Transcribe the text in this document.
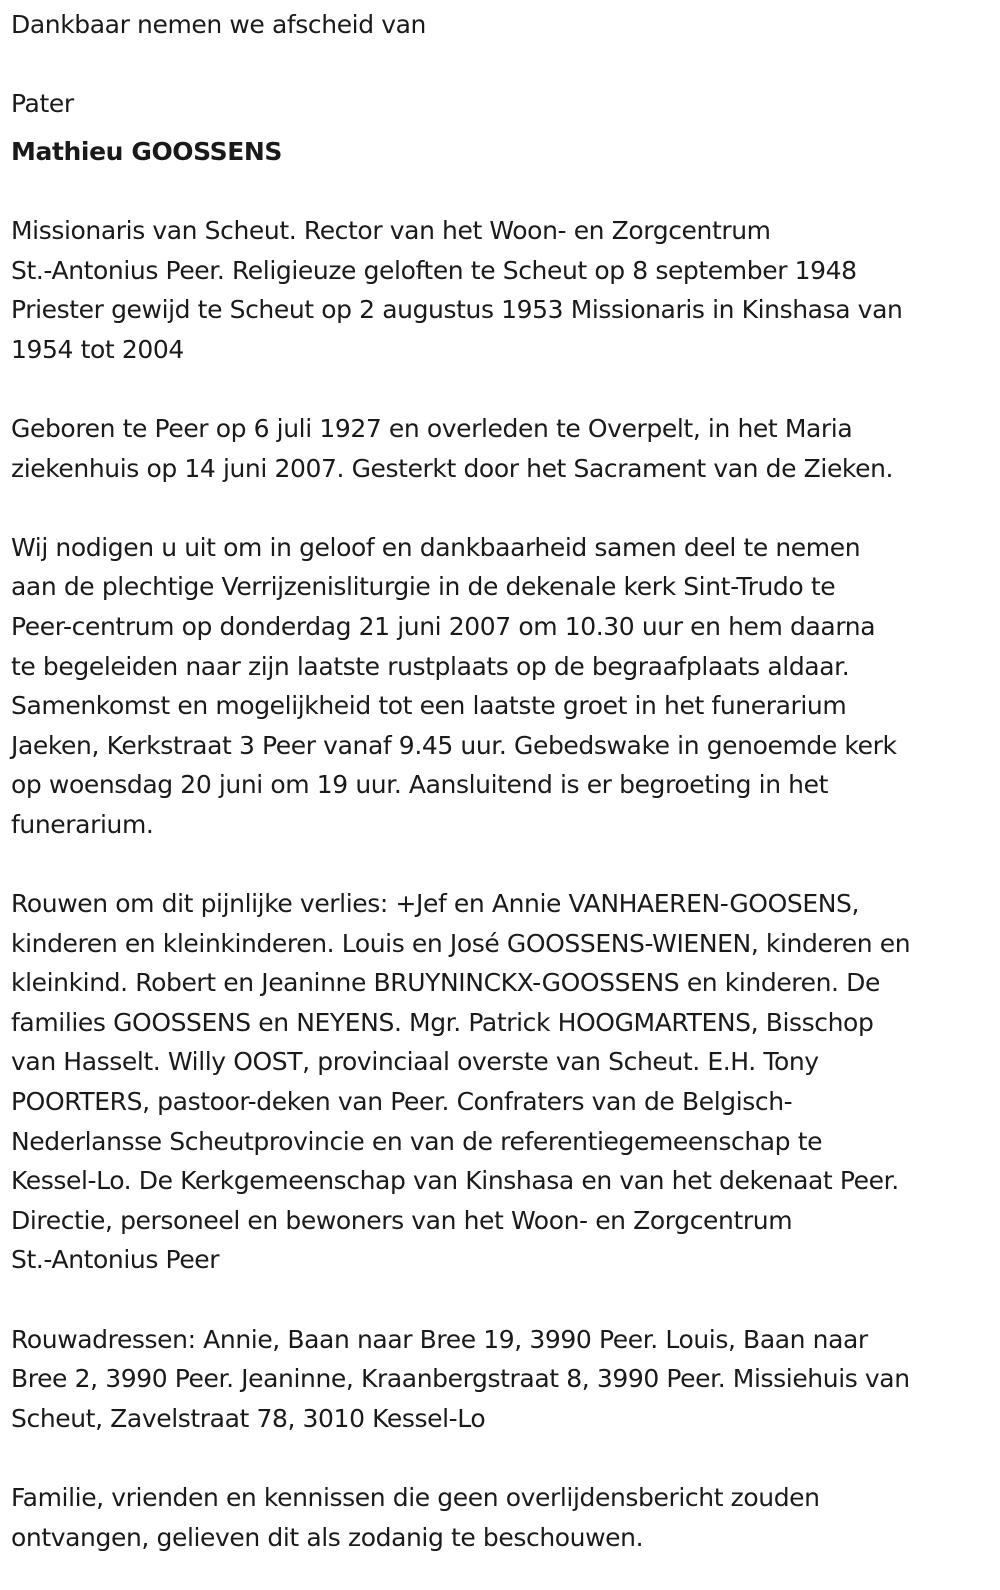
Dankbaar nemen we afscheid van

Pater

Mathieu GOOSSENS

Missionaris van Scheut. Rector van het Woon- en Zorgcentrum

St.-Antonius Peer. Religieuze geloften te Scheut op 8 september 1948

Priester gewijd te Scheut op 2 augustus 1953 Missionaris in Kinshasa van

1954 tot 2004

Geboren te Peer op 6 juli 1927 en overleden te Overpelt, in het Maria

ziekenhuis op 14 juni 2007. Gesterkt door het Sacrament van de Zieken.

Wij nodigen u uit om in geloof en dankbaarheid samen deel te nemen

aan de plechtige Verrijzenisliturgie in de dekenale kerk Sint-Trudo te

Peer-centrum op donderdag 21 juni 2007 om 10.30 uur en hem daarna

te begeleiden naar zijn laatste rustplaats op de begraafplaats aldaar.

Samenkomst en mogelijkheid tot een laatste groet in het funerarium

Jaeken, Kerkstraat 3 Peer vanaf 9.45 uur. Gebedswake in genoemde kerk

op woensdag 20 juni om 19 uur. Aansluitend is er begroeting in het

funerarium.

Rouwen om dit pijnlijke verlies: +Jef en Annie VANHAEREN-GOOSENS,

kinderen en kleinkinderen. Louis en José GOOSSENS-WIENEN, kinderen en

kleinkind. Robert en Jeaninne BRUYNINCKX-GOOSSENS en kinderen. De

families GOOSSENS en NEYENS. Mgr. Patrick HOOGMARTENS, Bisschop

van Hasselt. Willy OOST, provinciaal overste van Scheut. E.H. Tony

POORTERS, pastoor-deken van Peer. Confraters van de Belgisch-

Nederlansse Scheutprovincie en van de referentiegemeenschap te

Kessel-Lo. De Kerkgemeenschap van Kinshasa en van het dekenaat Peer.

Directie, personeel en bewoners van het Woon- en Zorgcentrum

St.-Antonius Peer

Rouwadressen: Annie, Baan naar Bree 19, 3990 Peer. Louis, Baan naar

Bree 2, 3990 Peer. Jeaninne, Kraanbergstraat 8, 3990 Peer. Missiehuis van

Scheut, Zavelstraat 78, 3010 Kessel-Lo

Familie, vrienden en kennissen die geen overlijdensbericht zouden

ontvangen, gelieven dit als zodanig te beschouwen.
